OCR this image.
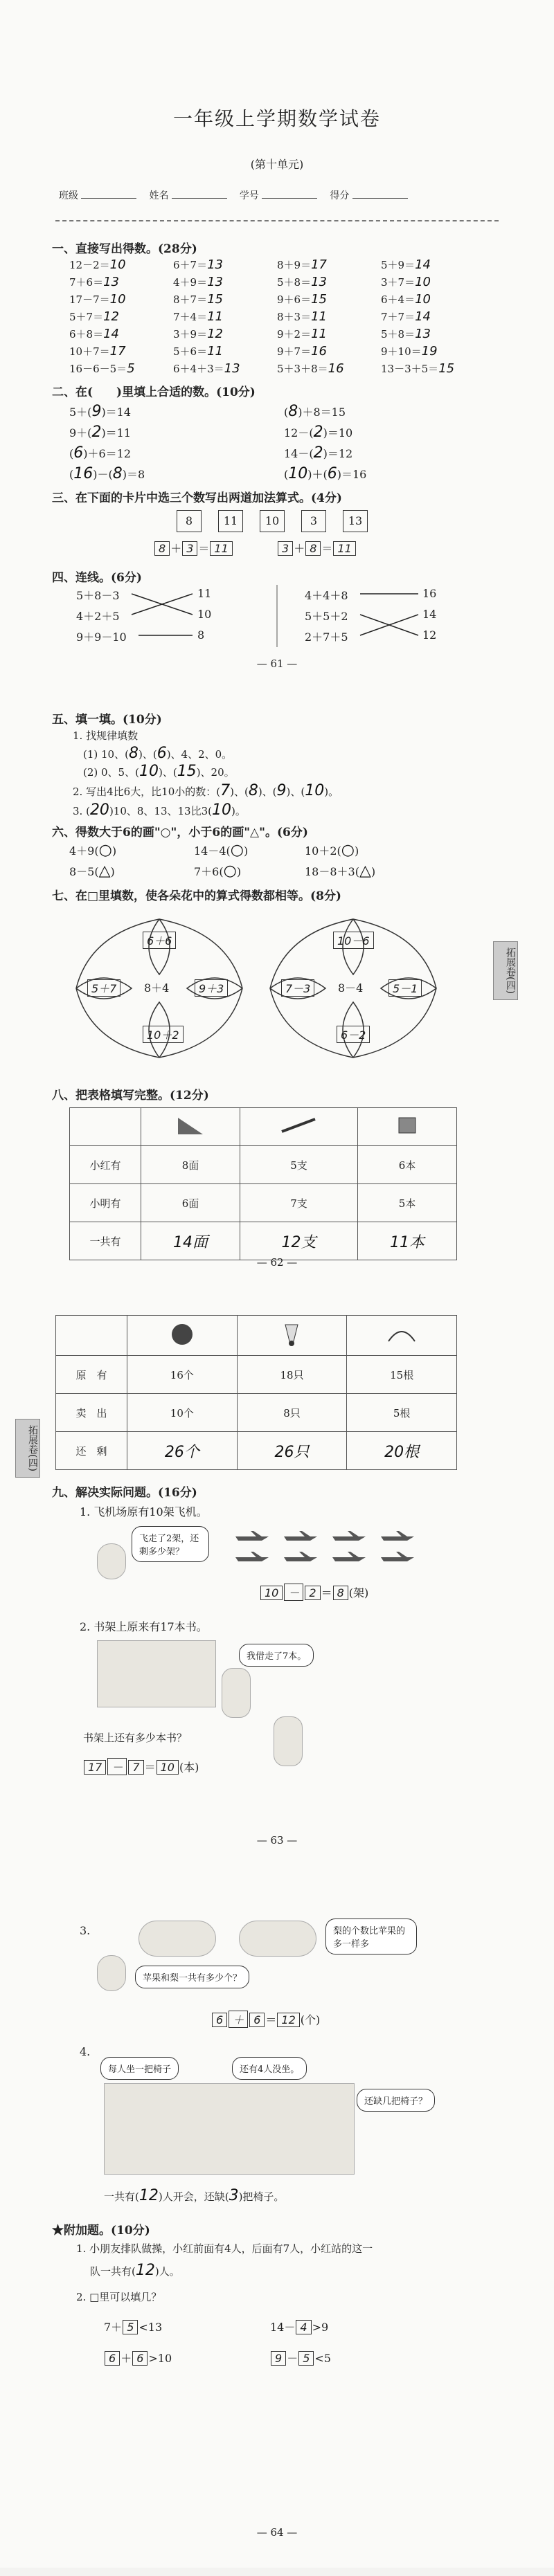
一年级上学期数学试卷
(第十单元)
班级	姓名	学号	得分
一、直接写出得数。(28分)
12－2＝10	6＋7＝13	8＋9＝17	5＋9＝14
7＋6＝13	4＋9＝13	5＋8＝13	3＋7＝10
17－7＝10	8＋7＝15	9＋6＝15	6＋4＝10
5＋7＝12	7＋4＝11	8＋3＝11	7＋7＝14
6＋8＝14	3＋9＝12	9＋2＝11	5＋8＝13
10＋7＝17	5＋6＝11	9＋7＝16	9＋10＝19
16－6－5＝5	6＋4＋3＝13	5＋3＋8＝16	13－3＋5＝15
二、在(　　)里填上合适的数。(10分)
5＋(9)＝14	(8)＋8＝15
9＋(2)＝11	12－(2)＝10
(6)＋6＝12	14－(2)＝12
(16)－(8)＝8	(10)＋(6)＝16
三、在下面的卡片中选三个数写出两道加法算式。(4分)
8	11 10	3	13
8 ＋ 3 ＝ 11	3 ＋ 8 ＝ 11
四、连线。(6分)
5＋8－3
4＋2＋5
9＋9－10
11
10
8
4＋4＋8
5＋5＋2
2＋7＋5
16
14
12
— 61 —
五、填一填。(10分)
1. 找规律填数
(1) 10、(8)、(6)、4、2、0。
(2) 0、5、(10)、(15)、20。
2. 写出4比6大，比10小的数：(7)、(8)、(9)、(10)。
3. (20)10、8、13、13比3(10)。
六、得数大于6的画"○"，小于6的画"△"。(6分)
4＋9(○)	14－4(○)	10＋2(○)
8－5(△)	7＋6(○)	18－8＋3(△)
七、在□里填数，使各朵花中的算式得数都相等。(8分)
6＋6
5＋7	8＋4	9＋3
10＋2
10－6
7－3	8－4	5－1
6－2
拓展卷(四)
八、把表格填写完整。(12分)

小红有	8面	5支	6本
小明有	6面	7支	5本
一共有	14面	12支	11本
— 62 —

原　有	16个	18只	15根
卖　出	10个	8只	5根
还　剩	26个	26只	20根
九、解决实际问题。(16分)
1. 飞机场原有10架飞机。
飞走了2架，还剩多少架？
10 － 2 ＝ 8 (架)
2. 书架上原来有17本书。
我借走了7本。
书架上还有多少本书？
17 － 7 ＝ 10 (本)
— 63 —
3.	梨的个数比苹果的多一样多
苹果和梨一共有多少个？
6 ＋ 6 ＝ 12 (个)
4.
每人坐一把椅子	还有4人没坐。
还缺几把椅子？
一共有(12)人开会，还缺(3)把椅子。
★附加题。(10分)
1. 小朋友排队做操，小红前面有4人，后面有7人，小红站的这一
队一共有(12)人。
2. □里可以填几？
7＋ 5 <13	14－ 4 >9
6 ＋ 6 >10	9 － 5 <5
— 64 —
拓展卷(四)
